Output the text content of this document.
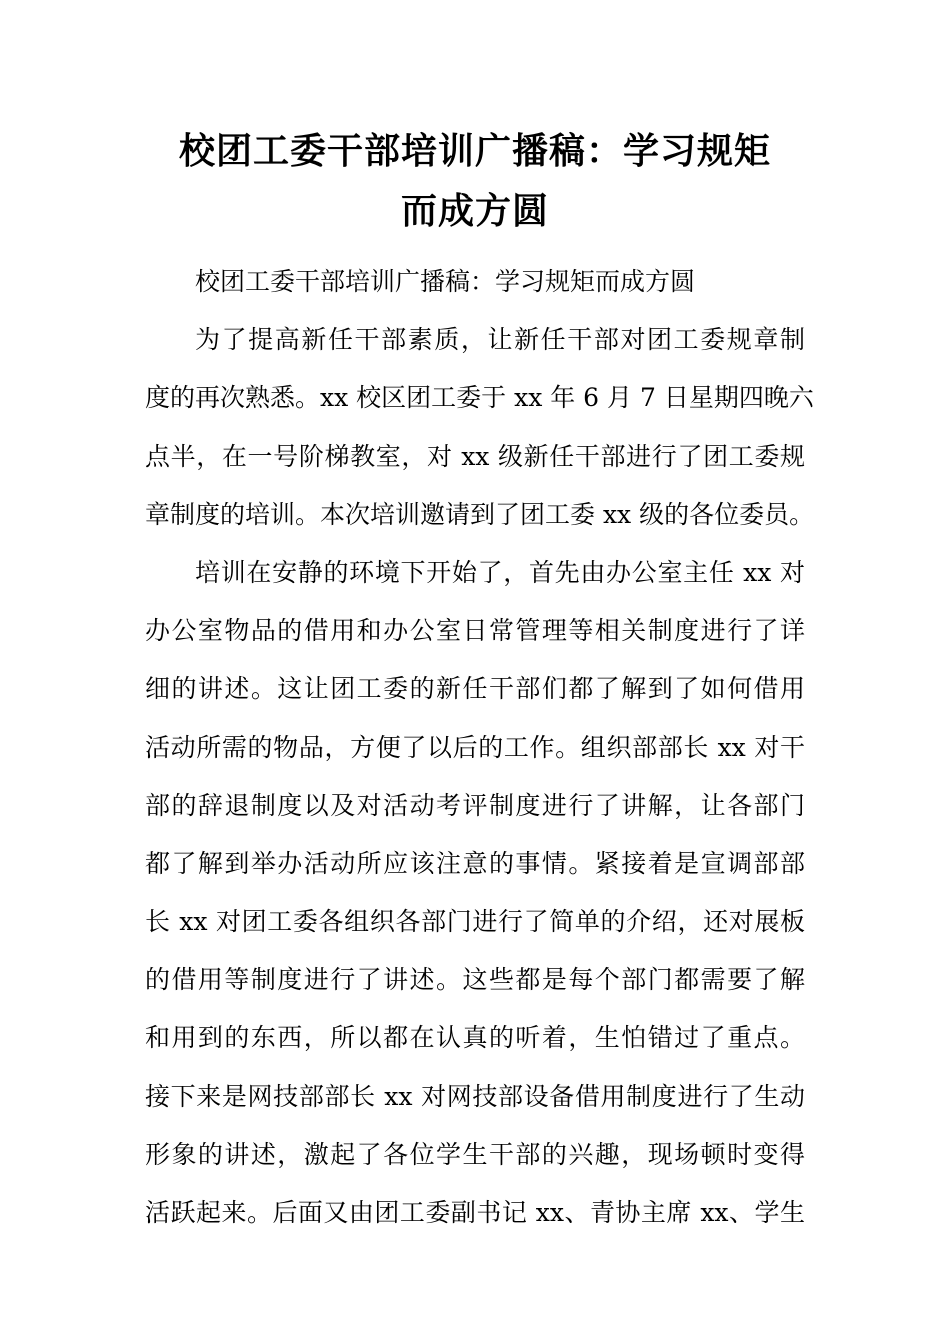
校团工委干部培训广播稿：学习规矩
而成方圆
校团工委干部培训广播稿：学习规矩而成方圆
为了提高新任干部素质，让新任干部对团工委规章制
度的再次熟悉。xx 校区团工委于 xx 年 6 月 7 日星期四晚六
点半，在一号阶梯教室，对 xx 级新任干部进行了团工委规
章制度的培训。本次培训邀请到了团工委 xx 级的各位委员。
培训在安静的环境下开始了，首先由办公室主任 xx 对
办公室物品的借用和办公室日常管理等相关制度进行了详
细的讲述。这让团工委的新任干部们都了解到了如何借用
活动所需的物品，方便了以后的工作。组织部部长 xx 对干
部的辞退制度以及对活动考评制度进行了讲解，让各部门
都了解到举办活动所应该注意的事情。紧接着是宣调部部
长 xx 对团工委各组织各部门进行了简单的介绍，还对展板
的借用等制度进行了讲述。这些都是每个部门都需要了解
和用到的东西，所以都在认真的听着，生怕错过了重点。
接下来是网技部部长 xx 对网技部设备借用制度进行了生动
形象的讲述，激起了各位学生干部的兴趣，现场顿时变得
活跃起来。后面又由团工委副书记 xx、青协主席 xx、学生
